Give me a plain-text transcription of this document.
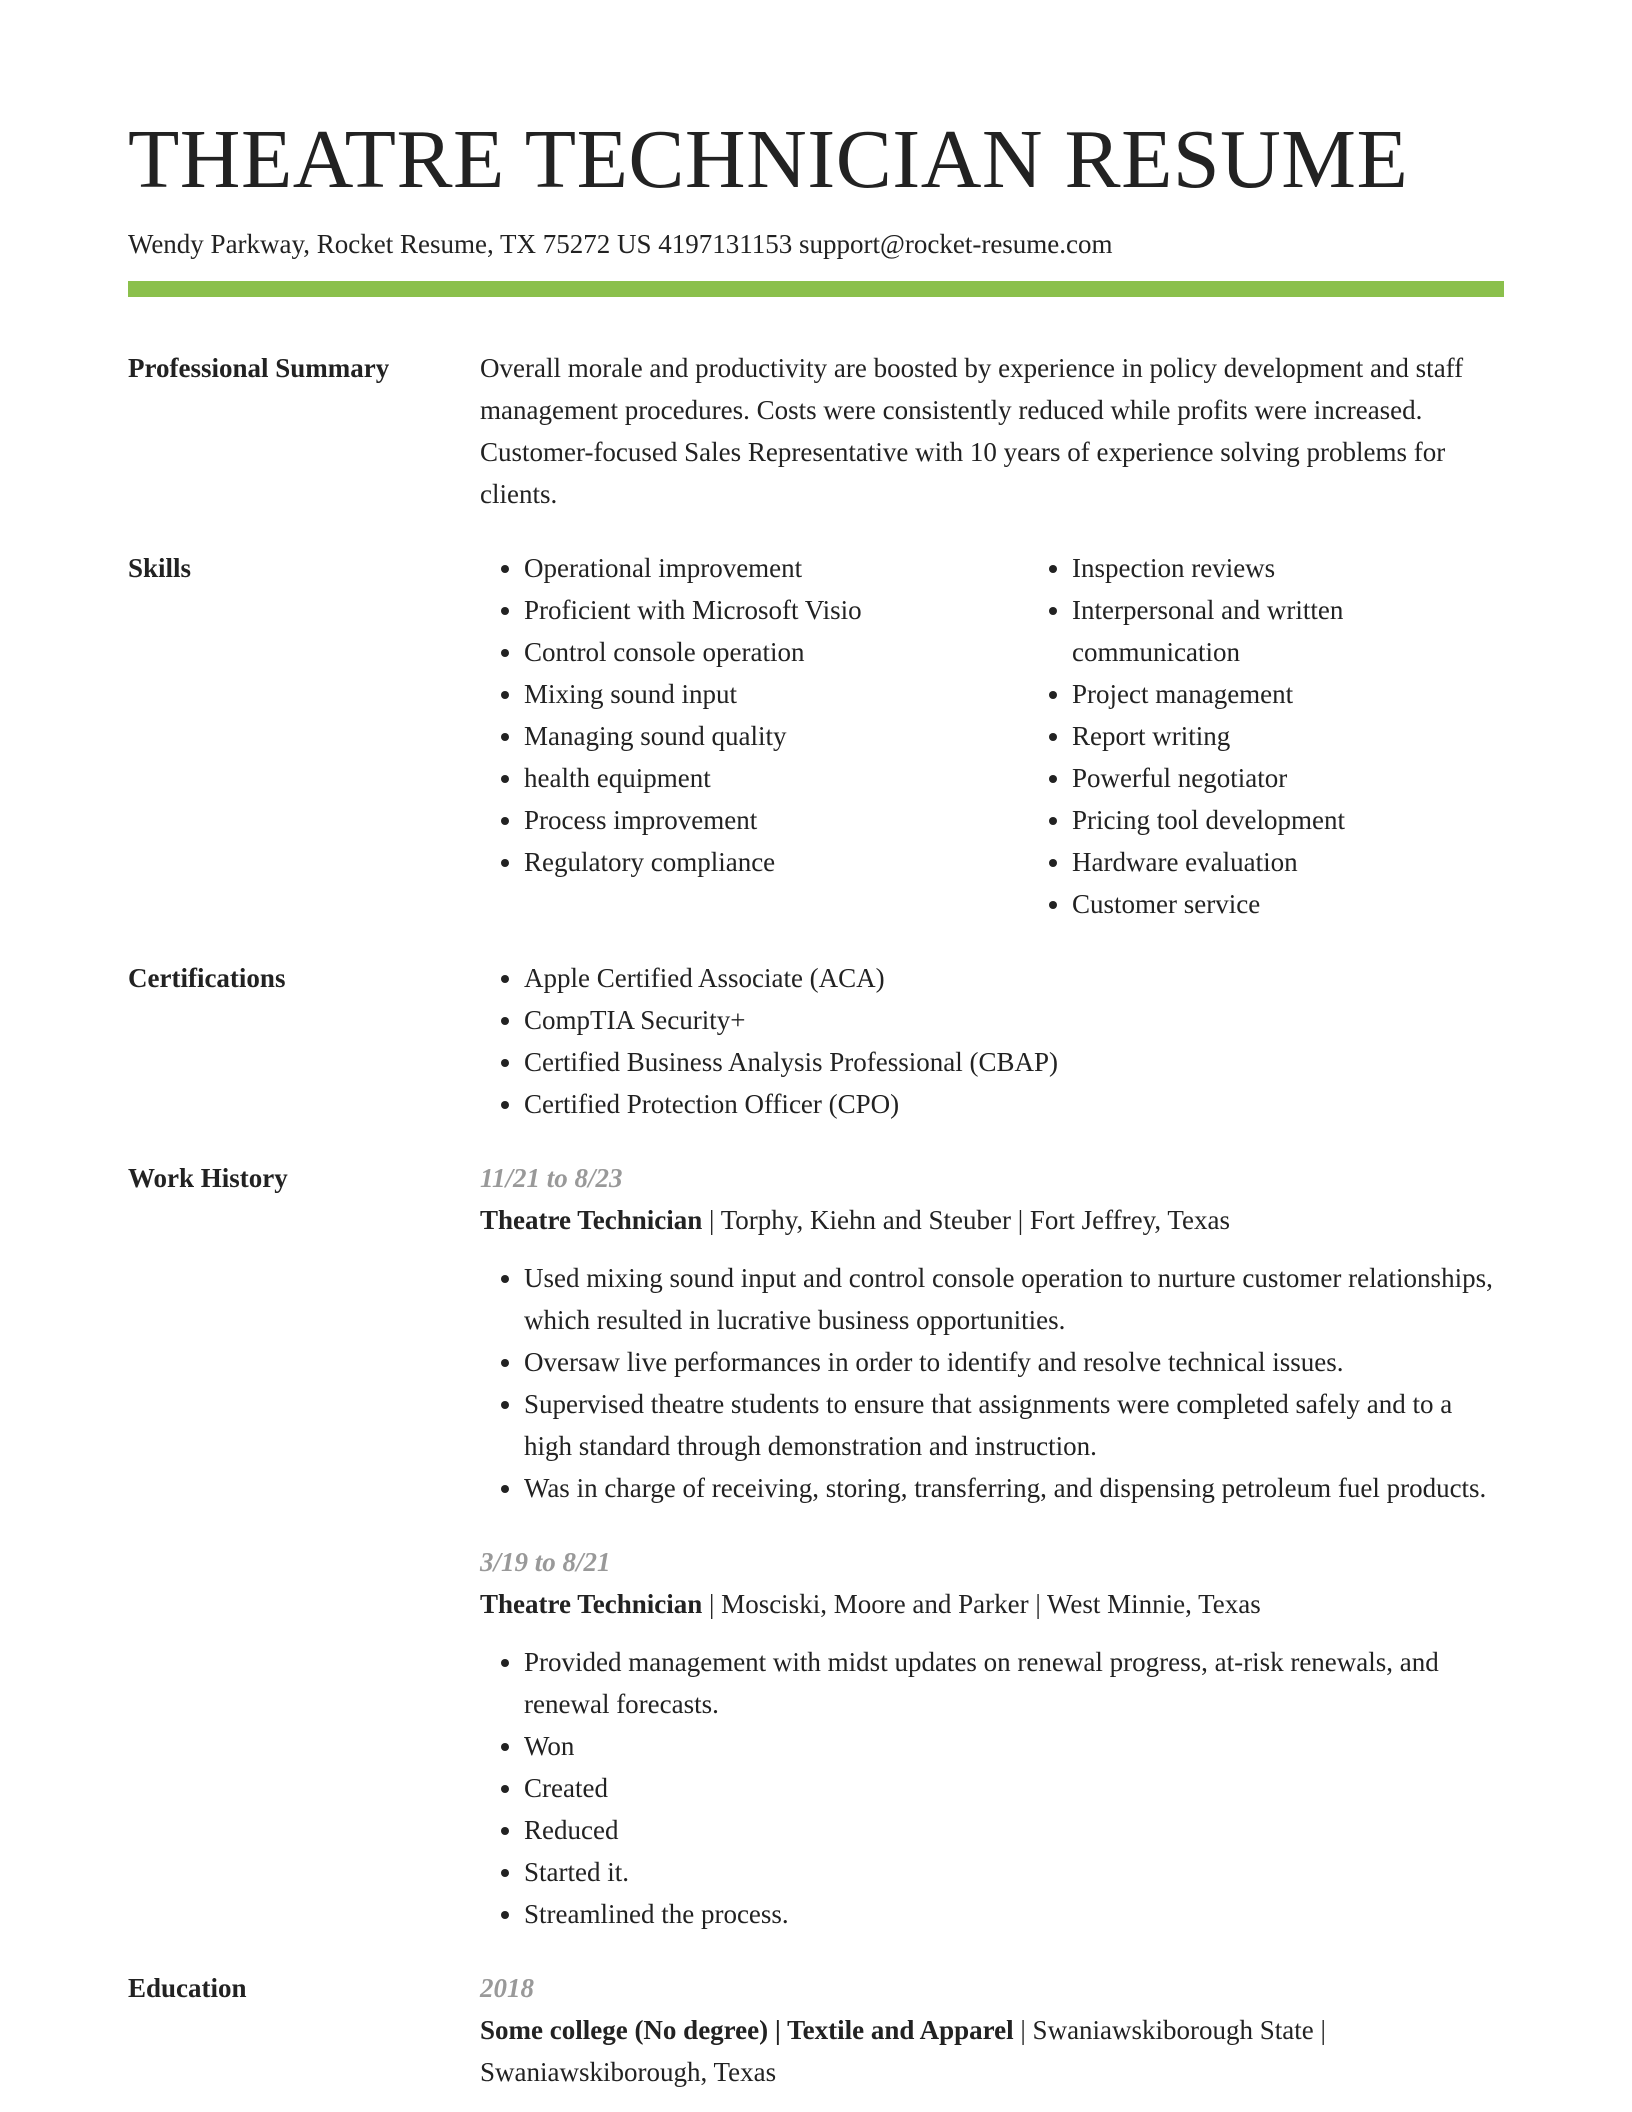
THEATRE TECHNICIAN RESUME
Wendy Parkway, Rocket Resume, TX 75272 US 4197131153 support@rocket-resume.com
Professional Summary	Overall morale and productivity are boosted by experience in policy development and staff management procedures. Costs were consistently reduced while profits were increased. Customer-focused Sales Representative with 10 years of experience solving problems for clients.
Skills	• Operational improvement
• Proficient with Microsoft Visio
• Control console operation
• Mixing sound input
• Managing sound quality
• health equipment
• Process improvement
• Regulatory compliance
• Inspection reviews
• Interpersonal and written communication
• Project management
• Report writing
• Powerful negotiator
• Pricing tool development
• Hardware evaluation
• Customer service
Certifications	• Apple Certified Associate (ACA)
• CompTIA Security+
• Certified Business Analysis Professional (CBAP)
• Certified Protection Officer (CPO)
Work History	11/21 to 8/23
Theatre Technician | Torphy, Kiehn and Steuber | Fort Jeffrey, Texas
• Used mixing sound input and control console operation to nurture customer relationships, which resulted in lucrative business opportunities.
• Oversaw live performances in order to identify and resolve technical issues.
• Supervised theatre students to ensure that assignments were completed safely and to a high standard through demonstration and instruction.
• Was in charge of receiving, storing, transferring, and dispensing petroleum fuel products.
3/19 to 8/21
Theatre Technician | Mosciski, Moore and Parker | West Minnie, Texas
• Provided management with midst updates on renewal progress, at-risk renewals, and renewal forecasts.
• Won
• Created
• Reduced
• Started it.
• Streamlined the process.
Education	2018
Some college (No degree) | Textile and Apparel | Swaniawskiborough State | Swaniawskiborough, Texas
